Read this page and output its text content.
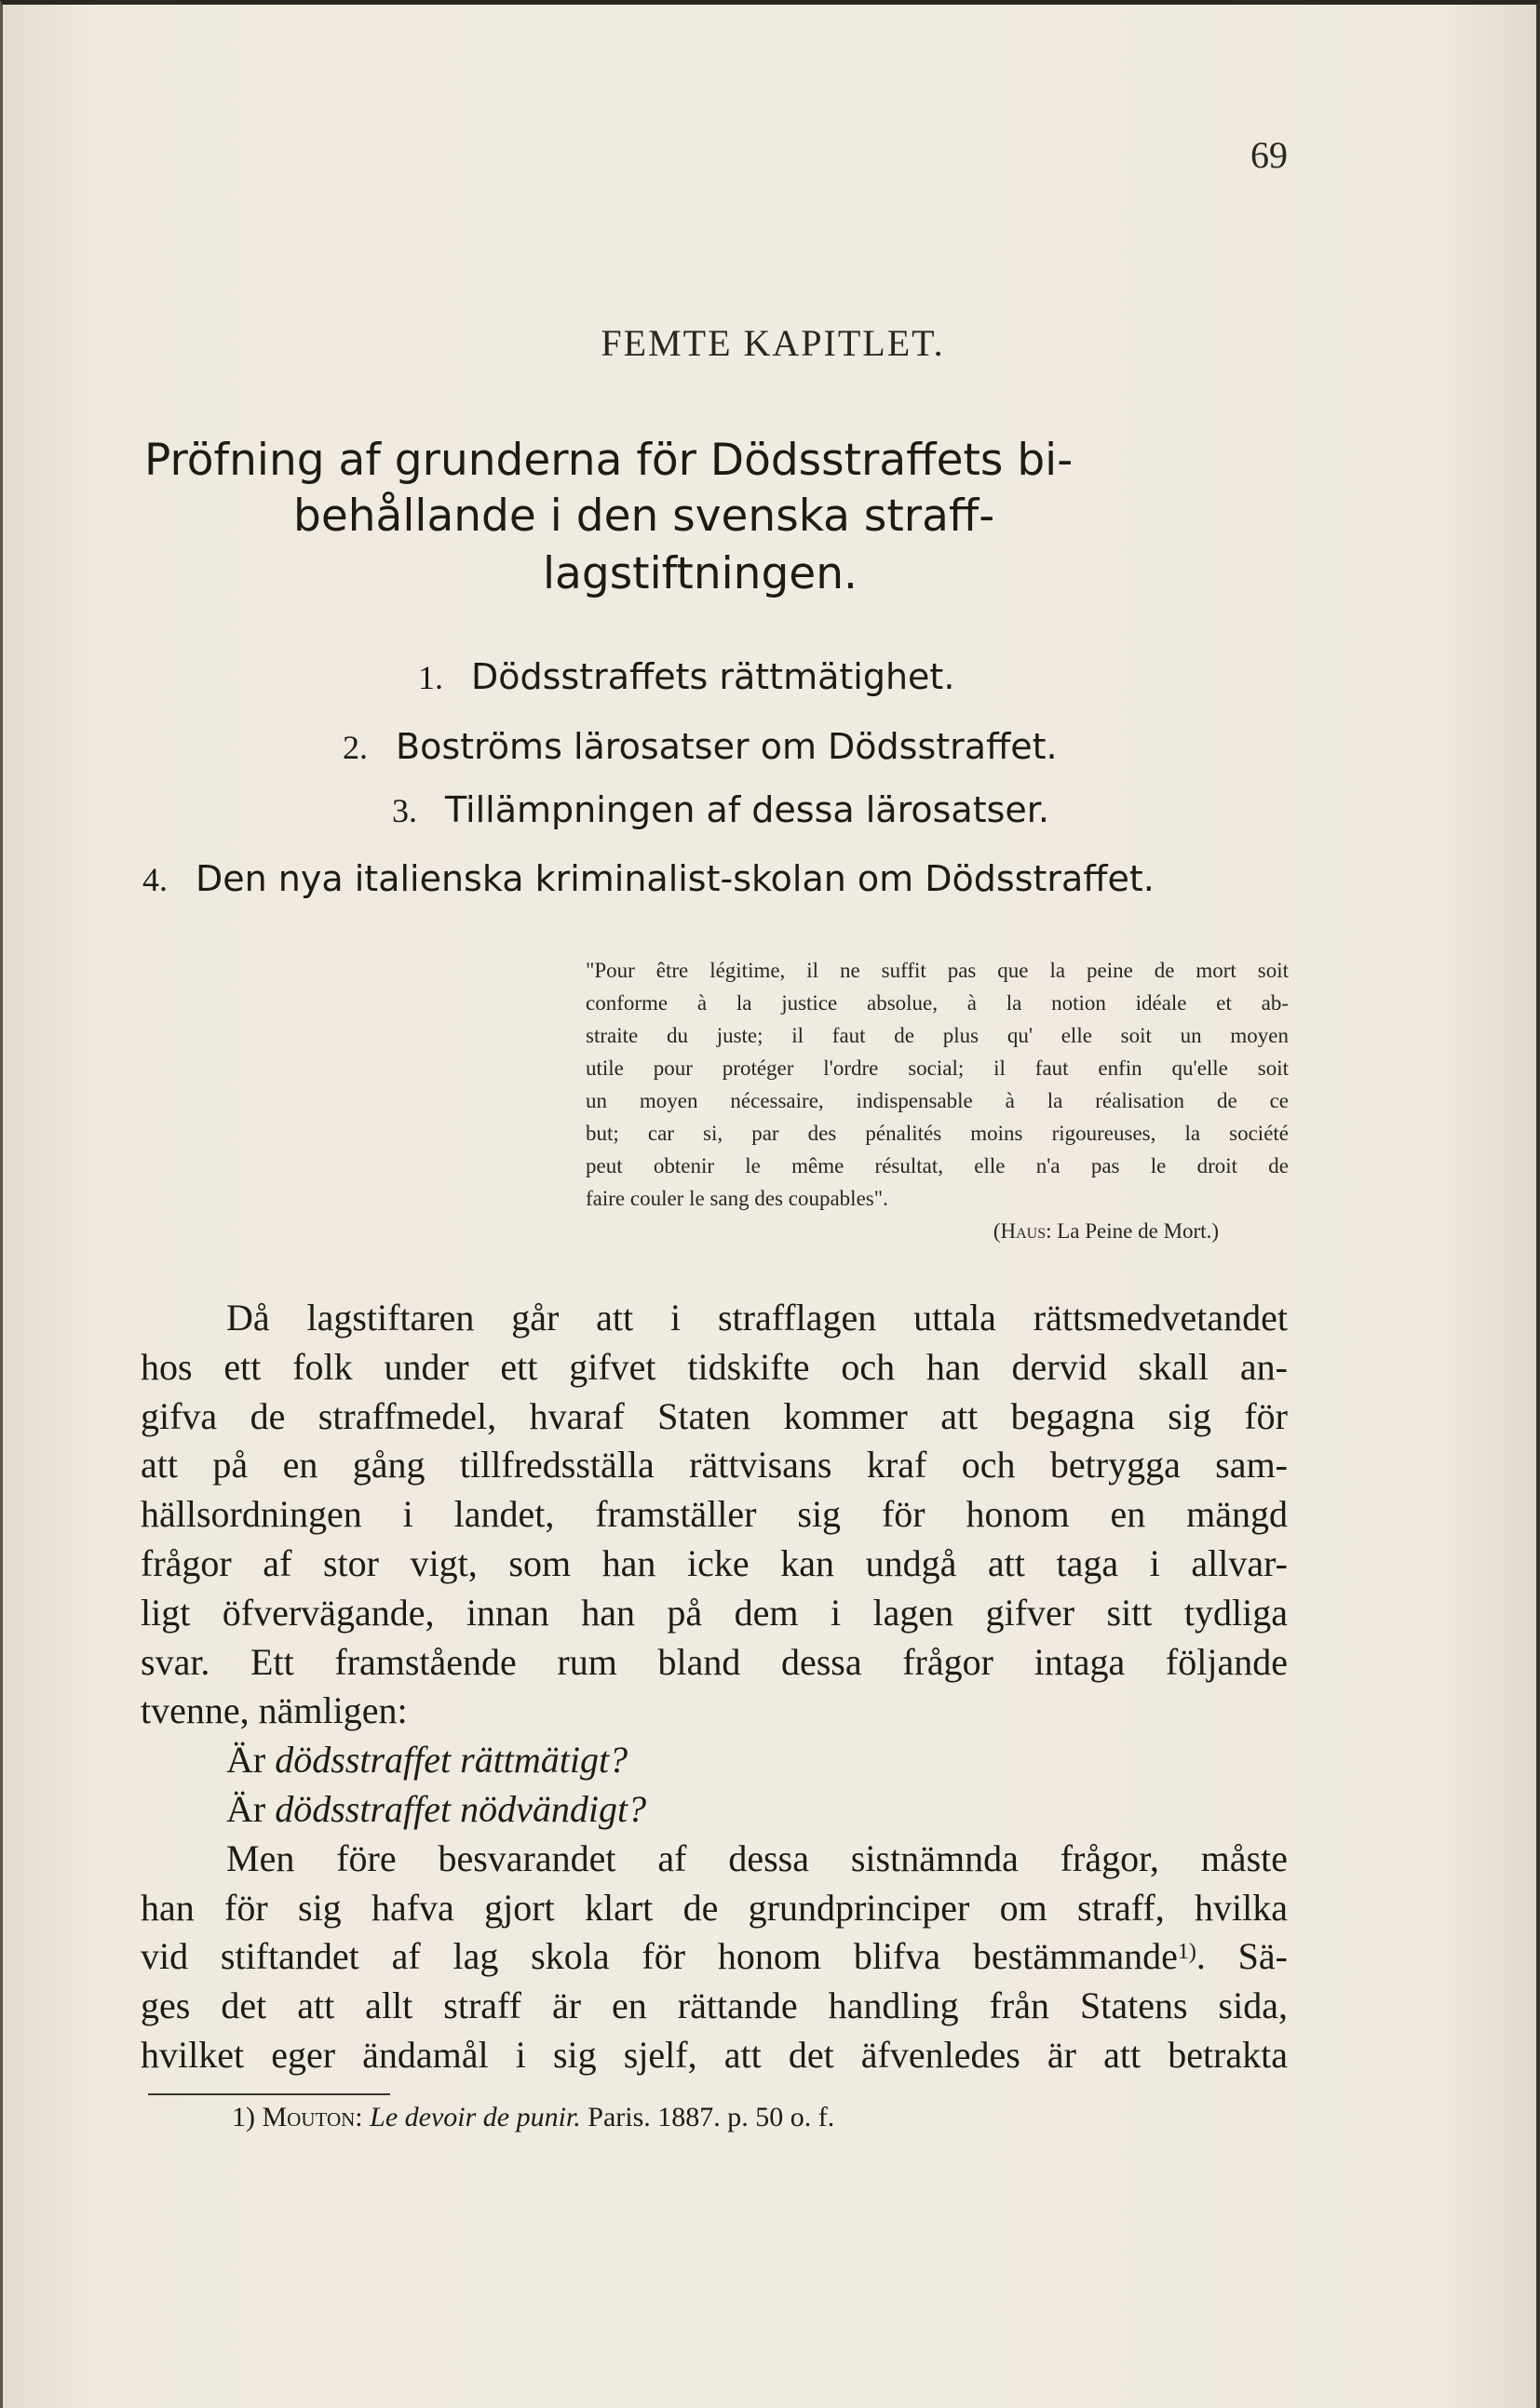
69
FEMTE KAPITLET.
Pröfning af grunderna för Dödsstraffets bi-
behållande i den svenska straff-
lagstiftningen.
1. Dödsstraffets rättmätighet.
2. Boströms lärosatser om Dödsstraffet.
3. Tillämpningen af dessa lärosatser.
4. Den nya italienska kriminalist-skolan om Dödsstraffet.
"Pour être légitime, il ne suffit pas que la peine de mort soit
conforme à la justice absolue, à la notion idéale et ab-
straite du juste; il faut de plus qu' elle soit un moyen
utile pour protéger l'ordre social; il faut enfin qu'elle soit
un moyen nécessaire, indispensable à la réalisation de ce
but; car si, par des pénalités moins rigoureuses, la société
peut obtenir le même résultat, elle n'a pas le droit de
faire couler le sang des coupables".
(Haus: La Peine de Mort.)
Då lagstiftaren går att i strafflagen uttala rättsmedvetandet
hos ett folk under ett gifvet tidskifte och han dervid skall an-
gifva de straffmedel, hvaraf Staten kommer att begagna sig för
att på en gång tillfredsställa rättvisans kraf och betrygga sam-
hällsordningen i landet, framställer sig för honom en mängd
frågor af stor vigt, som han icke kan undgå att taga i allvar-
ligt öfvervägande, innan han på dem i lagen gifver sitt tydliga
svar. Ett framstående rum bland dessa frågor intaga följande
tvenne, nämligen:
Är dödsstraffet rättmätigt?
Är dödsstraffet nödvändigt?
Men före besvarandet af dessa sistnämnda frågor, måste
han för sig hafva gjort klart de grundprinciper om straff, hvilka
vid stiftandet af lag skola för honom blifva bestämmande$^{1)}$. Sä-
ges det att allt straff är en rättande handling från Statens sida,
hvilket eger ändamål i sig sjelf, att det äfvenledes är att betrakta
1) Mouton: Le devoir de punir. Paris. 1887. p. 50 o. f.
